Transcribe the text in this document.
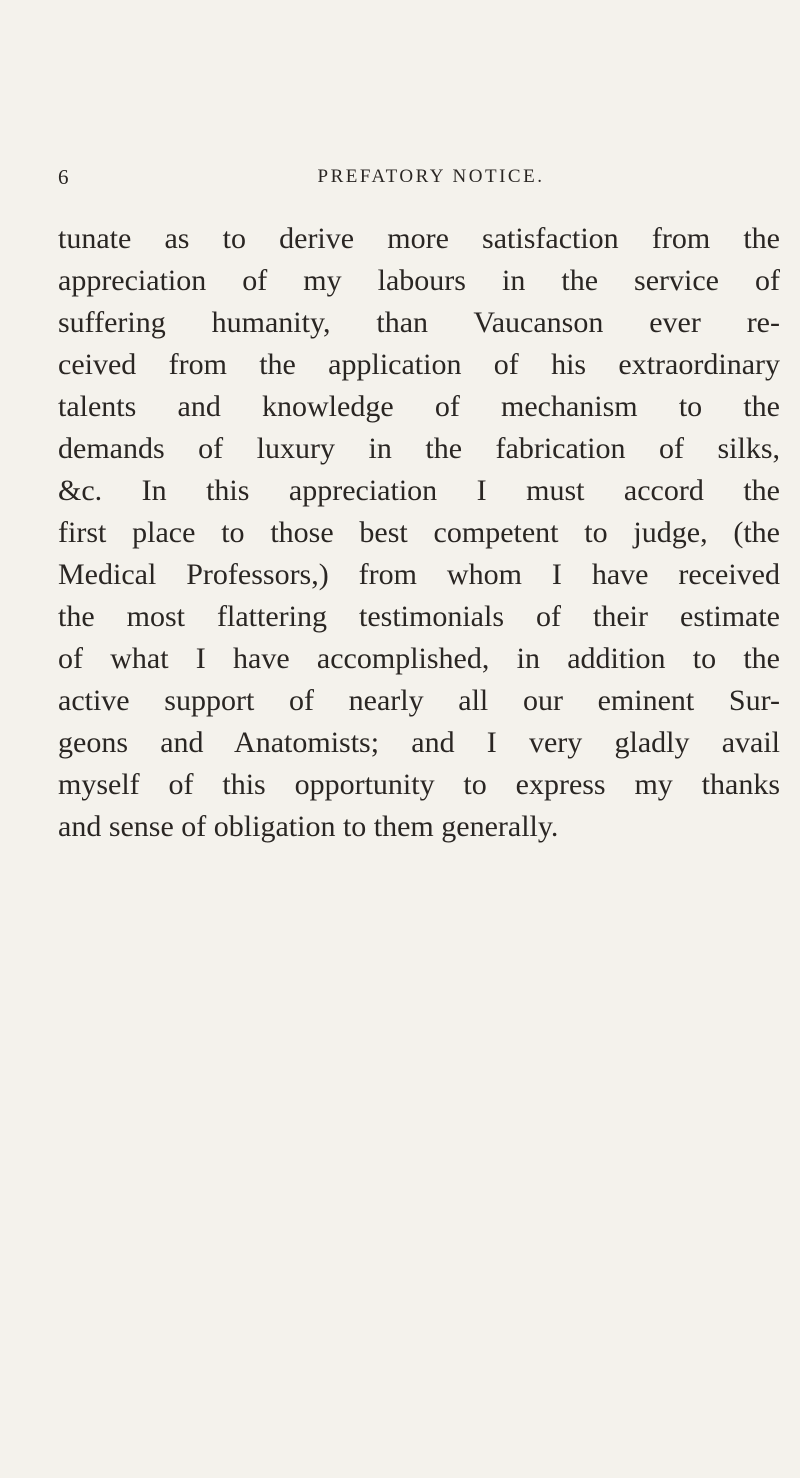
6	PREFATORY NOTICE.
tunate as to derive more satisfaction from the
appreciation of my labours in the service of
suffering humanity, than Vaucanson ever re-
ceived from the application of his extraordinary
talents and knowledge of mechanism to the
demands of luxury in the fabrication of silks,
&c. In this appreciation I must accord the
first place to those best competent to judge, (the
Medical Professors,) from whom I have received
the most flattering testimonials of their estimate
of what I have accomplished, in addition to the
active support of nearly all our eminent Sur-
geons and Anatomists; and I very gladly avail
myself of this opportunity to express my thanks
and sense of obligation to them generally.
